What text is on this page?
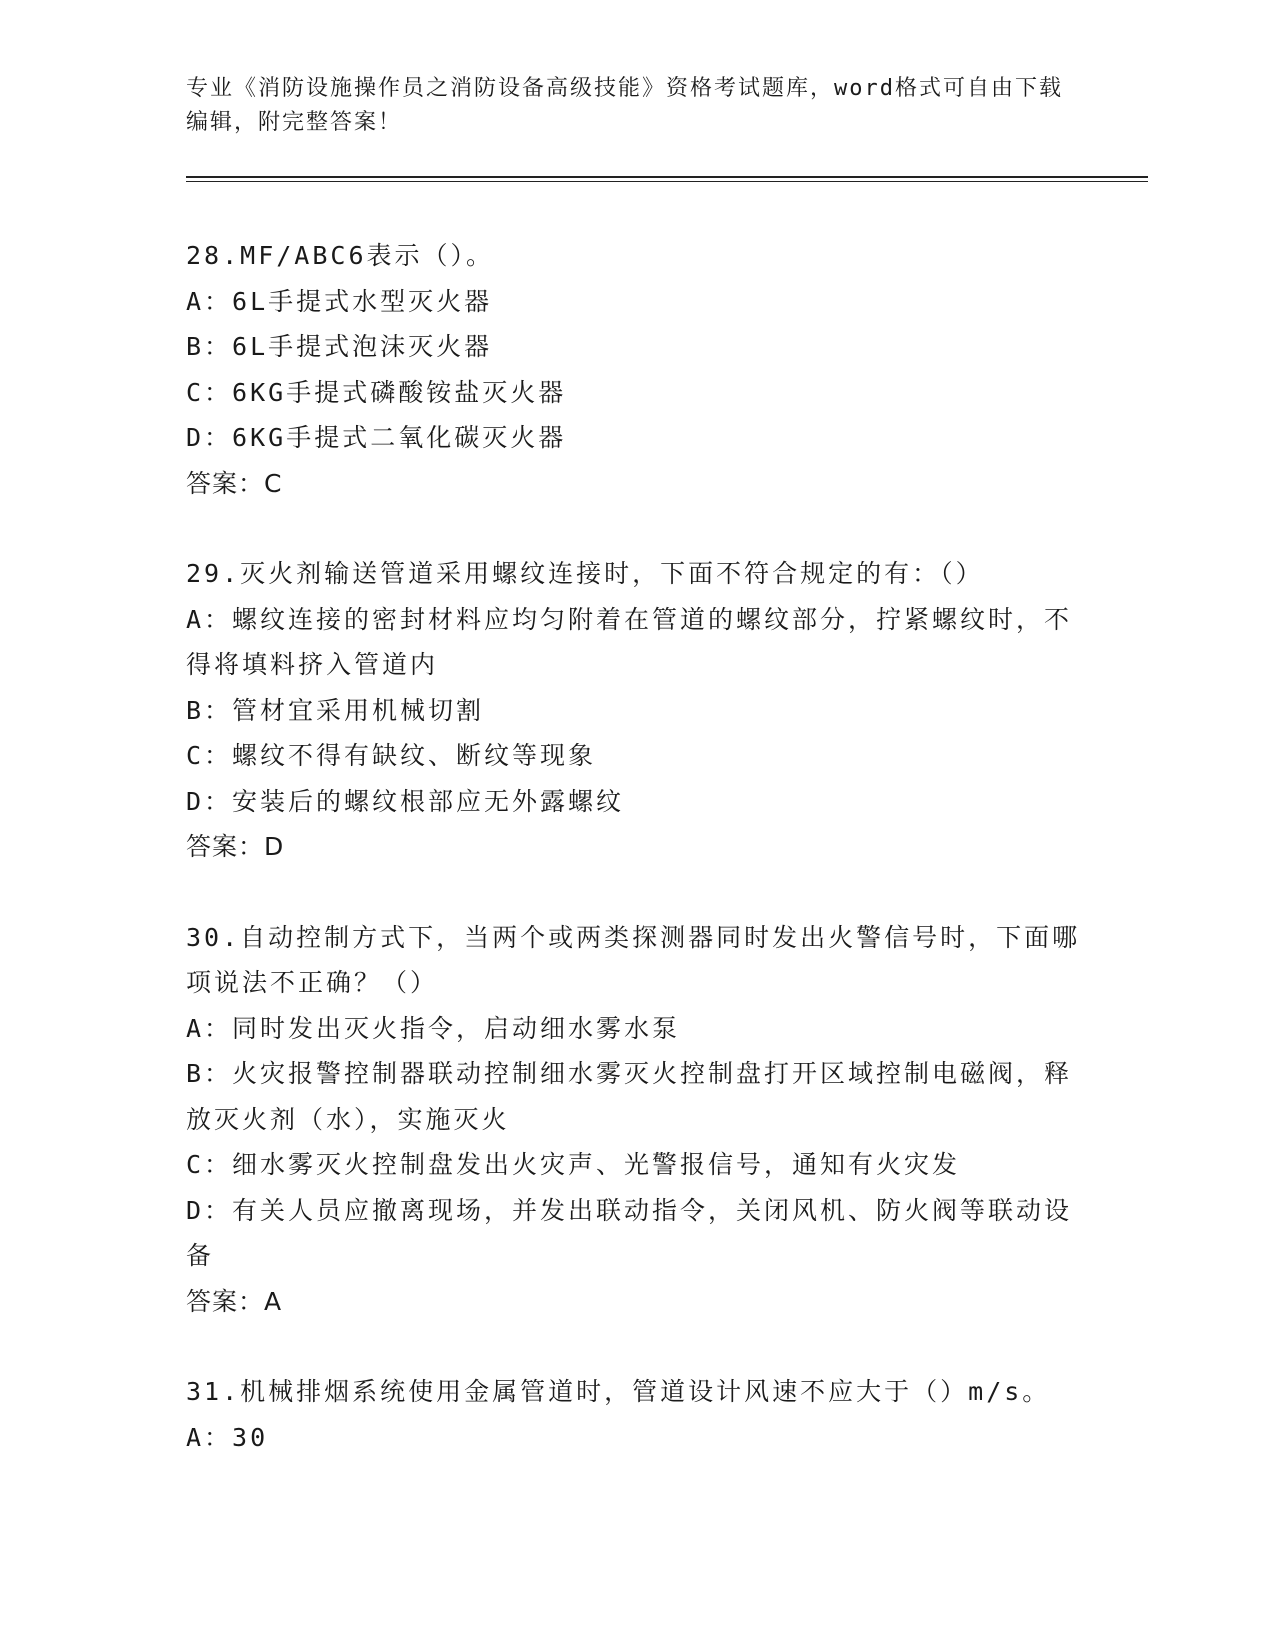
专业《消防设施操作员之消防设备高级技能》资格考试题库，word格式可自由下载编辑，附完整答案！

28.MF/ABC6表示（）。

A：6L手提式水型灭火器

B：6L手提式泡沫灭火器

C：6KG手提式磷酸铵盐灭火器

D：6KG手提式二氧化碳灭火器

答案：C

29.灭火剂输送管道采用螺纹连接时，下面不符合规定的有：（）

A：螺纹连接的密封材料应均匀附着在管道的螺纹部分，拧紧螺纹时，不得将填料挤入管道内

B：管材宜采用机械切割

C：螺纹不得有缺纹、断纹等现象

D：安装后的螺纹根部应无外露螺纹

答案：D

30.自动控制方式下，当两个或两类探测器同时发出火警信号时，下面哪项说法不正确？（）

A：同时发出灭火指令，启动细水雾水泵

B：火灾报警控制器联动控制细水雾灭火控制盘打开区域控制电磁阀，释放灭火剂（水），实施灭火

C：细水雾灭火控制盘发出火灾声、光警报信号，通知有火灾发

D：有关人员应撤离现场，并发出联动指令，关闭风机、防火阀等联动设备

答案：A

31.机械排烟系统使用金属管道时，管道设计风速不应大于（）m/s。

A：30
